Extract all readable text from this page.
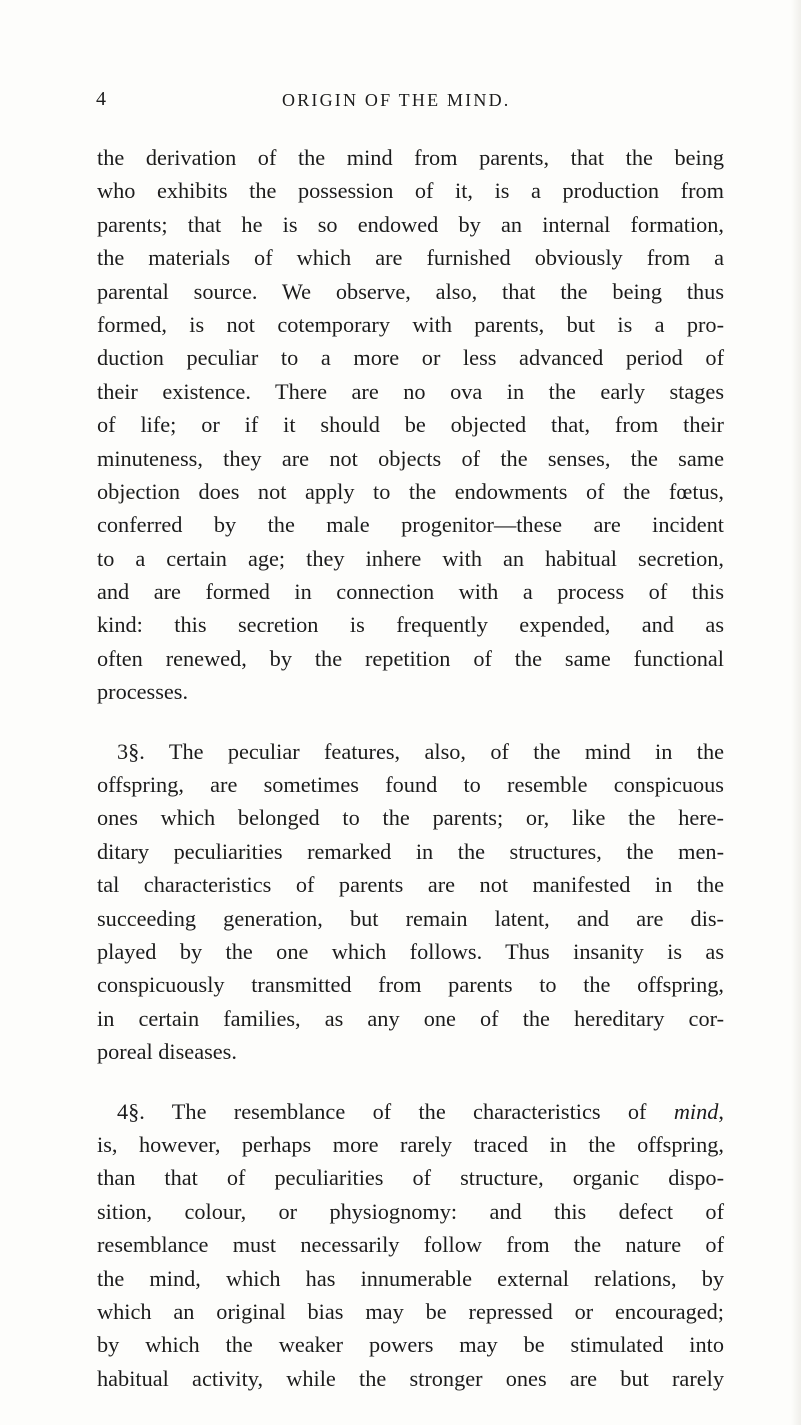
4	ORIGIN OF THE MIND.
the derivation of the mind from parents, that the being
who exhibits the possession of it, is a production from
parents; that he is so endowed by an internal formation,
the materials of which are furnished obviously from a
parental source. We observe, also, that the being thus
formed, is not cotemporary with parents, but is a pro-
duction peculiar to a more or less advanced period of
their existence. There are no ova in the early stages
of life; or if it should be objected that, from their
minuteness, they are not objects of the senses, the same
objection does not apply to the endowments of the fœtus,
conferred by the male progenitor—these are incident
to a certain age; they inhere with an habitual secretion,
and are formed in connection with a process of this
kind: this secretion is frequently expended, and as
often renewed, by the repetition of the same functional
processes.
3§. The peculiar features, also, of the mind in the
offspring, are sometimes found to resemble conspicuous
ones which belonged to the parents; or, like the here-
ditary peculiarities remarked in the structures, the men-
tal characteristics of parents are not manifested in the
succeeding generation, but remain latent, and are dis-
played by the one which follows. Thus insanity is as
conspicuously transmitted from parents to the offspring,
in certain families, as any one of the hereditary cor-
poreal diseases.
4§. The resemblance of the characteristics of mind,
is, however, perhaps more rarely traced in the offspring,
than that of peculiarities of structure, organic dispo-
sition, colour, or physiognomy: and this defect of
resemblance must necessarily follow from the nature of
the mind, which has innumerable external relations, by
which an original bias may be repressed or encouraged;
by which the weaker powers may be stimulated into
habitual activity, while the stronger ones are but rarely
